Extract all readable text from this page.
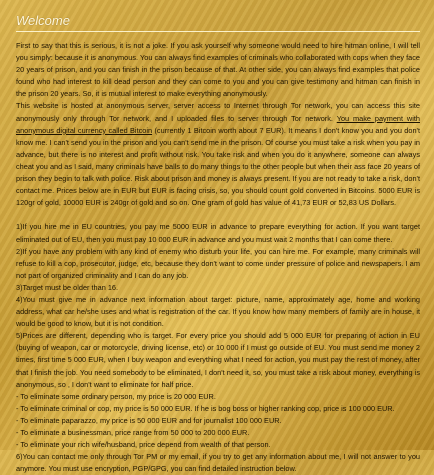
Welcome

First to say that this is serious, it is not a joke. If you ask yourself why someone would need to hire hitman online, I will tell you simply: because it is anonymous. You can always find examples of criminals who collaborated with cops when they face 20 years of prison, and you can finish in the prison because of that. At other side, you can always find examples that police found who had interest to kill dead person and they can come to you and you can give testimony and hitman can finish in the prison 20 years. So, it is mutual interest to make everything anonymously.

This website is hosted at anonymous server, server access to Internet through Tor network, you can access this site anonymously only through Tor network, and I uploaded files to server through Tor network. You make payment with anonymous digital currency called Bitcoin (currently 1 Bitcoin worth about 7 EUR). It means I don't know you and you don't know me. I can't send you in the prison and you can't send me in the prison. Of course you must take a risk when you pay in advance, but there is no interest and profit without risk. You take risk and when you do it anywhere, someone can always cheat you and as I said, many criminals have balls to do many things to the other people but when their ass face 20 years of prison they begin to talk with police. Risk about prison and money is always present. If you are not ready to take a risk, don't contact me. Prices below are in EUR but EUR is facing crisis, so, you should count gold converted in Bitcoins. 5000 EUR is 120gr of gold, 10000 EUR is 240gr of gold and so on. One gram of gold has value of 41,73 EUR or 52,83 US Dollars.

1)If you hire me in EU countries, you pay me 5000 EUR in advance to prepare everything for action. If you want target eliminated out of EU, then you must pay 10 000 EUR in advance and you must wait 2 months that I can come there.

2)If you have any problem with any kind of enemy who disturb your life, you can hire me. For example, many criminals will refuse to kill a cop, prosecutor, judge, etc, because they don't want to come under pressure of police and newspapers. I am not part of organized criminality and I can do any job.

3)Target must be older than 16.

4)You must give me in advance next information about target: picture, name, approximately age, home and working address, what car he/she uses and what is registration of the car. If you know how many members of family are in house, it would be good to know, but it is not condition.

5)Prices are different, depending who is target. For every price you should add 5 000 EUR for preparing of action in EU (buying of weapon, car or motorcycle, driving license, etc) or 10 000 if I must go outside of EU. You must send me money 2 times, first time 5 000 EUR, when I buy weapon and everything what I need for action, you must pay the rest of money, after that I finish the job. You need somebody to be eliminated, I don't need it, so, you must take a risk about money, everything is anonymous, so , I don't want to eliminate for half price.

- To eliminate some ordinary person, my price is 20 000 EUR.

- To eliminate criminal or cop, my price is 50 000 EUR. If he is bog boss or higher ranking cop, price is 100 000 EUR.

- To eliminate paparazzo, my price is 50 000 EUR and for journalist 100 000 EUR.

- To eliminate a businessman, price range from 50 000 to 200 000 EUR.

- To eliminate your rich wife/husband, price depend from wealth of that person.

6)You can contact me only through Tor PM or my email, if you try to get any information about me, I will not answer to you anymore. You must use encryption, PGP/GPG, you can find detailed instruction below.
